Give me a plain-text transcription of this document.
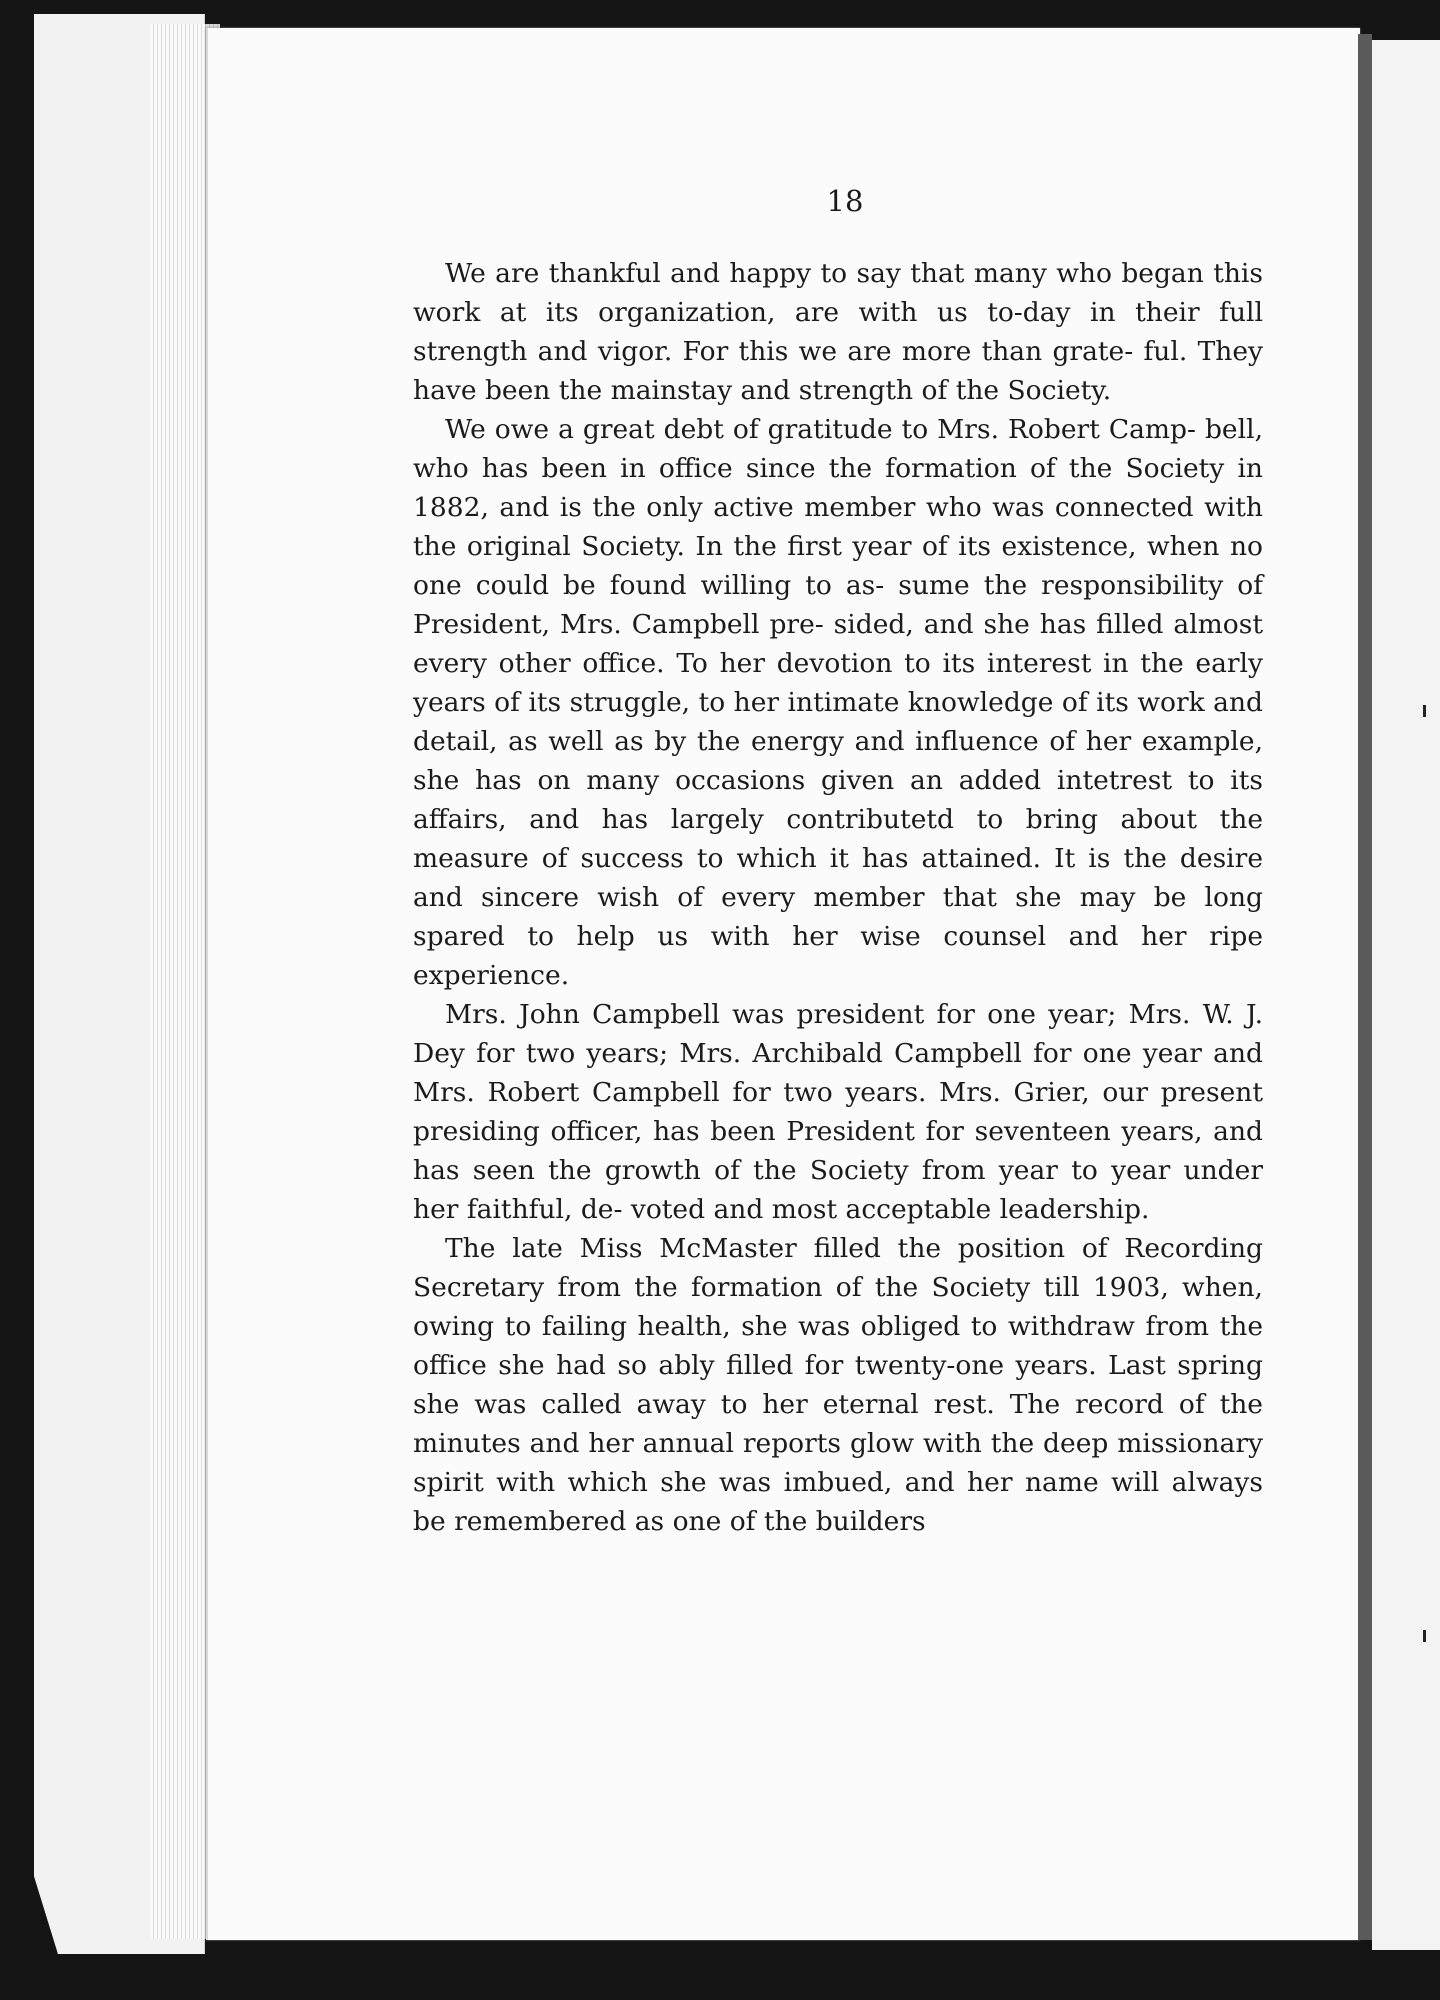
18

We are thankful and happy to say that many who began this work at its organization, are with us to-day in their full strength and vigor. For this we are more than grate- ful. They have been the mainstay and strength of the Society.

We owe a great debt of gratitude to Mrs. Robert Camp- bell, who has been in office since the formation of the Society in 1882, and is the only active member who was connected with the original Society. In the first year of its existence, when no one could be found willing to as- sume the responsibility of President, Mrs. Campbell pre- sided, and she has filled almost every other office. To her devotion to its interest in the early years of its struggle, to her intimate knowledge of its work and detail, as well as by the energy and influence of her example, she has on many occasions given an added intetrest to its affairs, and has largely contributetd to bring about the measure of success to which it has attained. It is the desire and sincere wish of every member that she may be long spared to help us with her wise counsel and her ripe experience.

Mrs. John Campbell was president for one year; Mrs. W. J. Dey for two years; Mrs. Archibald Campbell for one year and Mrs. Robert Campbell for two years. Mrs. Grier, our present presiding officer, has been President for seventeen years, and has seen the growth of the Society from year to year under her faithful, de- voted and most acceptable leadership.

The late Miss McMaster filled the position of Recording Secretary from the formation of the Society till 1903, when, owing to failing health, she was obliged to withdraw from the office she had so ably filled for twenty-one years. Last spring she was called away to her eternal rest. The record of the minutes and her annual reports glow with the deep missionary spirit with which she was imbued, and her name will always be remembered as one of the builders
